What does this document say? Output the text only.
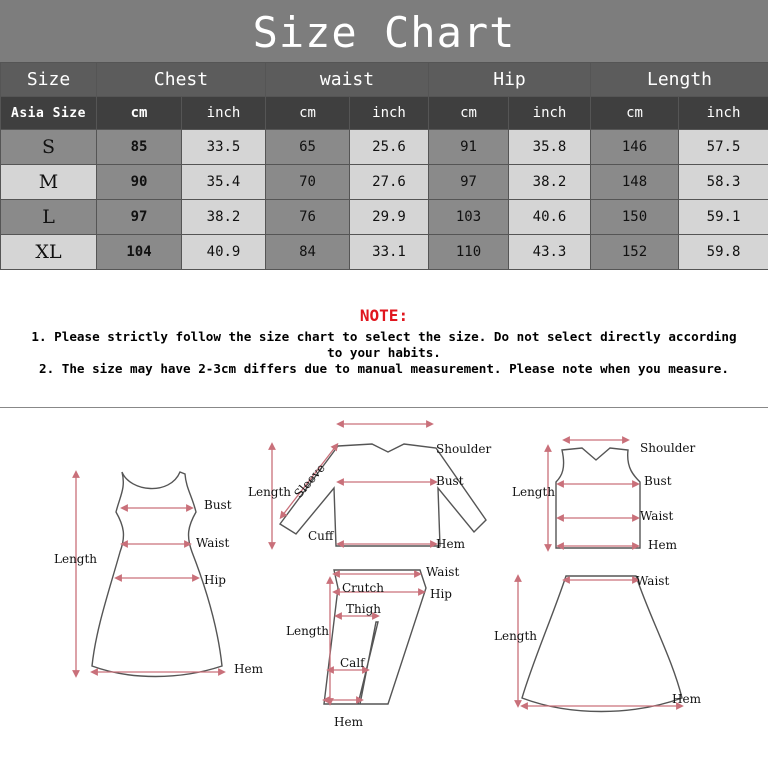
Size Chart
Size	Chest		waist		Hip		Length	
Asia Size	cm	inch	cm	inch	cm	inch	cm	inch
S	85	33.5	65	25.6	91	35.8	146	57.5
M	90	35.4	70	27.6	97	38.2	148	58.3
L	97	38.2	76	29.9	103	40.6	150	59.1
XL	104	40.9	84	33.1	110	43.3	152	59.8
NOTE:
1. Please strictly follow the size chart to select the size. Do not select directly according
to your habits.
2. The size may have 2-3cm differs due to manual measurement. Please note when you measure.
Length
Bust
Waist
Hip
Hem
Shoulder
Sleeve
Length
Bust
Cuff
Hem
Shoulder
Length
Bust
Waist
Hem
Waist
Crutch	Hip
Thigh
Length
Calf
Hem
Waist
Length
Hem
